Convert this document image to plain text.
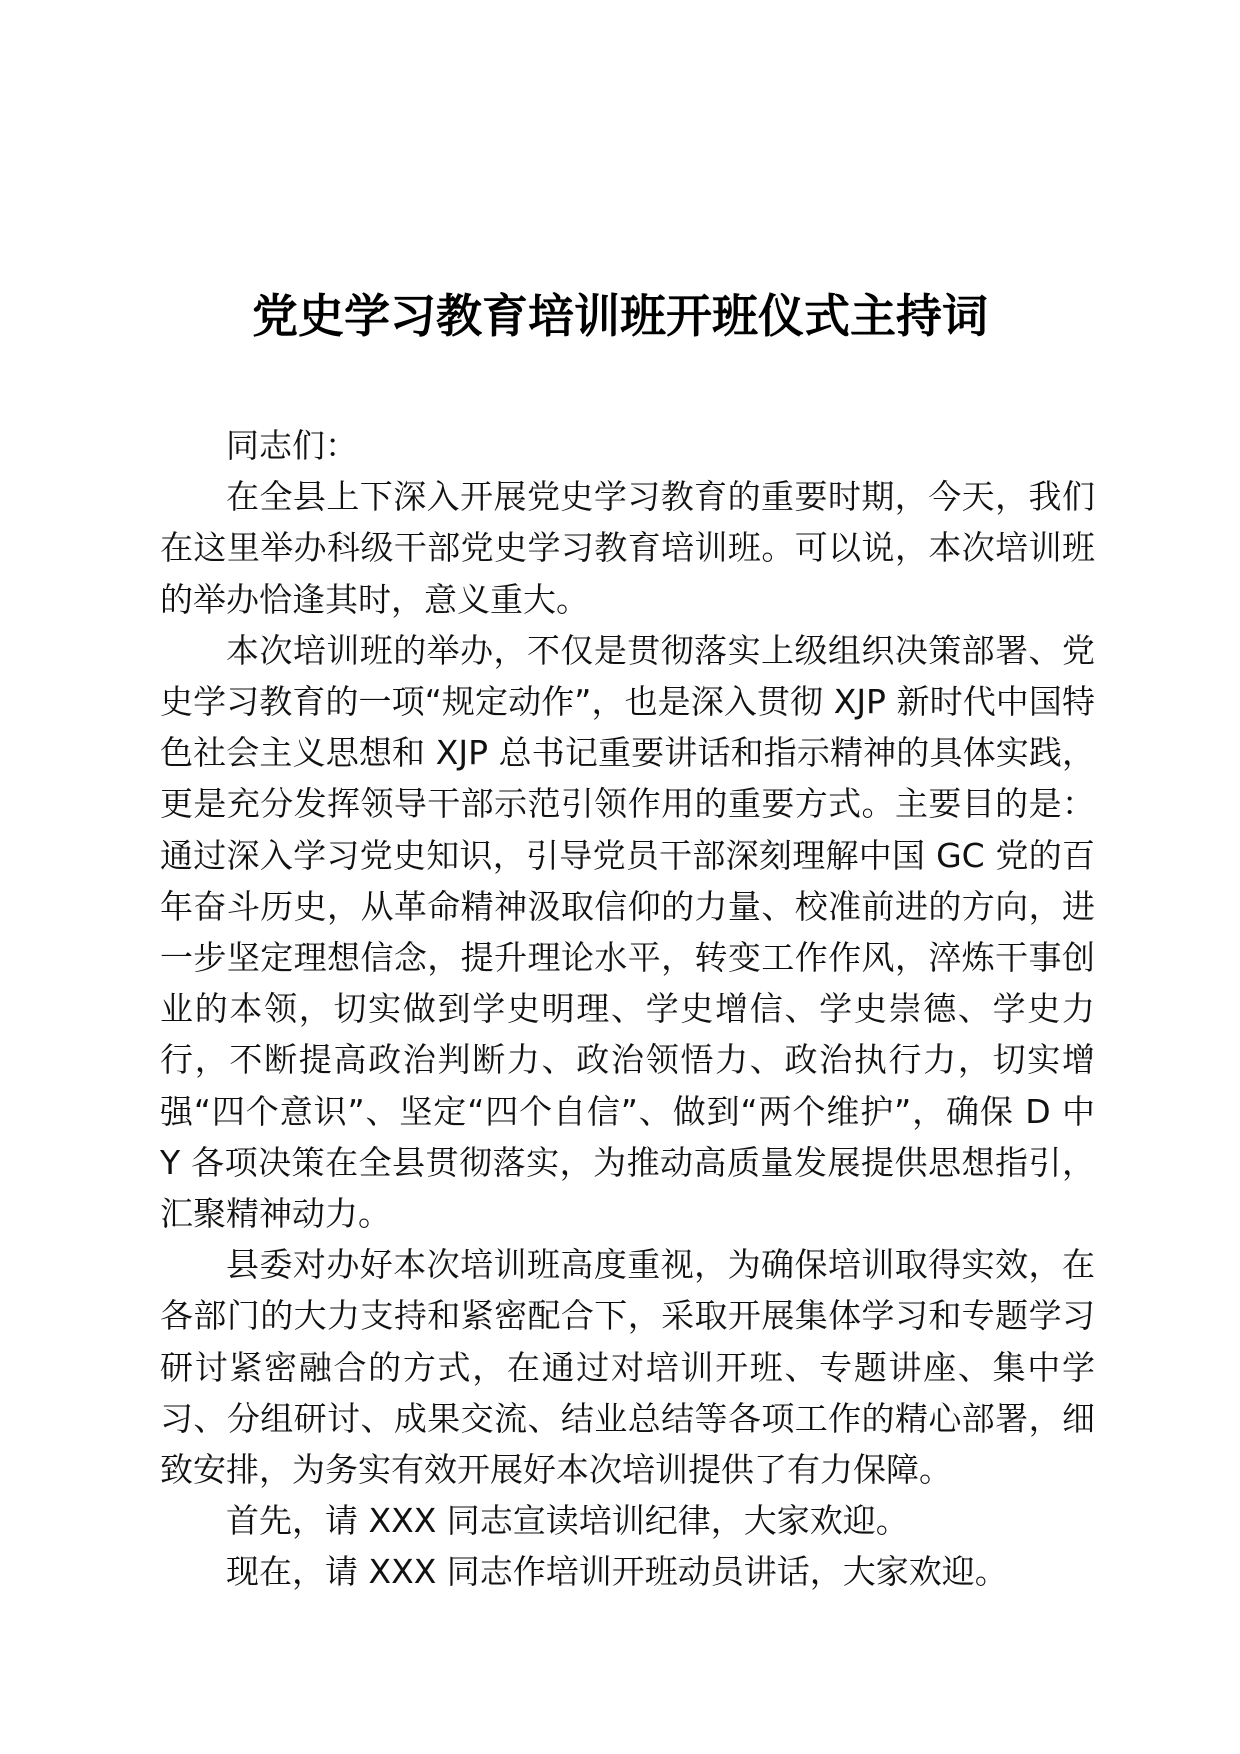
党史学习教育培训班开班仪式主持词

同志们：

在全县上下深入开展党史学习教育的重要时期，今天，我们在这里举办科级干部党史学习教育培训班。可以说，本次培训班的举办恰逢其时，意义重大。

本次培训班的举办，不仅是贯彻落实上级组织决策部署、党史学习教育的一项“规定动作”，也是深入贯彻 XJP 新时代中国特色社会主义思想和 XJP 总书记重要讲话和指示精神的具体实践，更是充分发挥领导干部示范引领作用的重要方式。主要目的是：通过深入学习党史知识，引导党员干部深刻理解中国 GC 党的百年奋斗历史，从革命精神汲取信仰的力量、校准前进的方向，进一步坚定理想信念，提升理论水平，转变工作作风，淬炼干事创业的本领，切实做到学史明理、学史增信、学史崇德、学史力行，不断提高政治判断力、政治领悟力、政治执行力，切实增强“四个意识”、坚定“四个自信”、做到“两个维护”，确保 D 中 Y 各项决策在全县贯彻落实，为推动高质量发展提供思想指引，汇聚精神动力。

县委对办好本次培训班高度重视，为确保培训取得实效，在各部门的大力支持和紧密配合下，采取开展集体学习和专题学习研讨紧密融合的方式，在通过对培训开班、专题讲座、集中学习、分组研讨、成果交流、结业总结等各项工作的精心部署，细致安排，为务实有效开展好本次培训提供了有力保障。

首先，请 XXX 同志宣读培训纪律，大家欢迎。

现在，请 XXX 同志作培训开班动员讲话，大家欢迎。
